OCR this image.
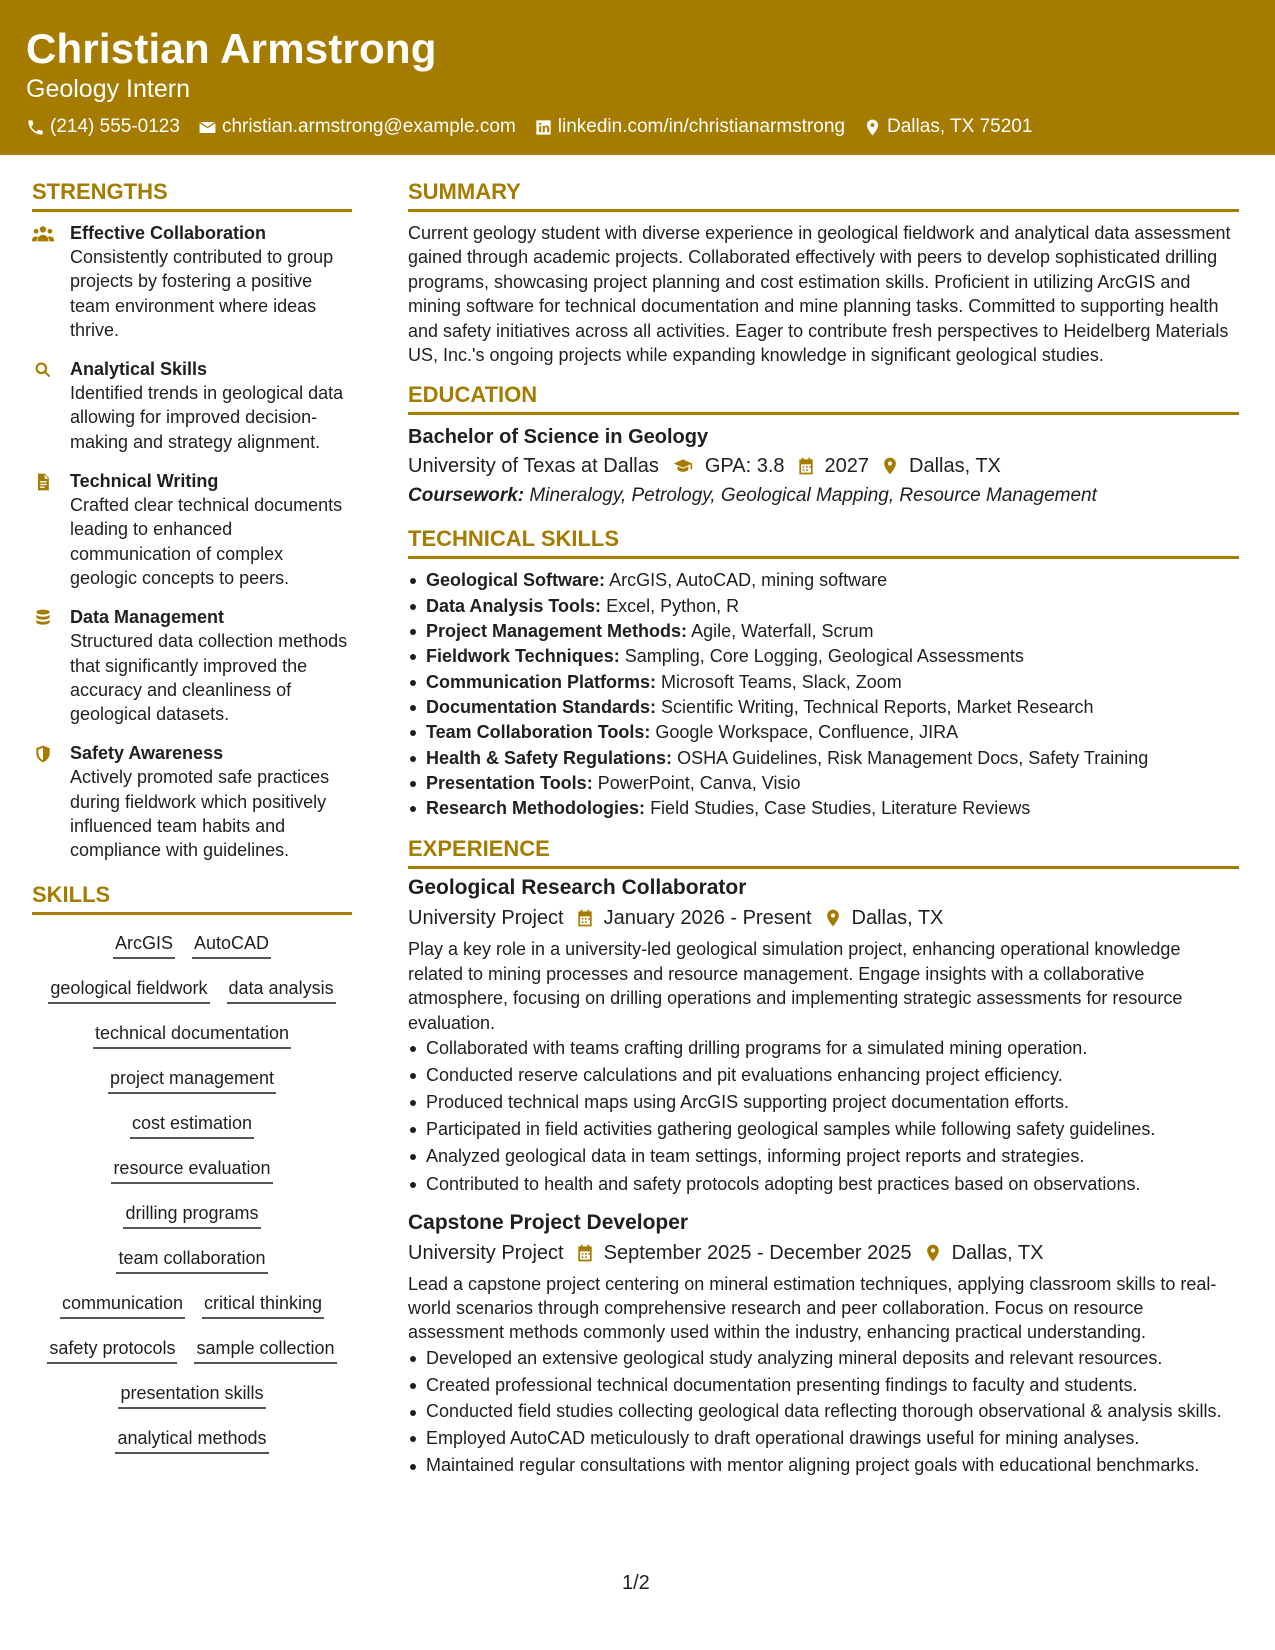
Christian Armstrong
Geology Intern
(214) 555-0123 christian.armstrong@example.com linkedin.com/in/christianarmstrong Dallas, TX 75201
STRENGTHS
Effective Collaboration
Consistently contributed to group projects by fostering a positive team environment where ideas thrive.
Analytical Skills
Identified trends in geological data allowing for improved decision-making and strategy alignment.
Technical Writing
Crafted clear technical documents leading to enhanced communication of complex geologic concepts to peers.
Data Management
Structured data collection methods that significantly improved the accuracy and cleanliness of geological datasets.
Safety Awareness
Actively promoted safe practices during fieldwork which positively influenced team habits and compliance with guidelines.
SKILLS
ArcGIS AutoCAD
geological fieldwork data analysis
technical documentation
project management
cost estimation
resource evaluation
drilling programs
team collaboration
communication critical thinking
safety protocols sample collection
presentation skills
analytical methods
SUMMARY
Current geology student with diverse experience in geological fieldwork and analytical data assessment gained through academic projects. Collaborated effectively with peers to develop sophisticated drilling programs, showcasing project planning and cost estimation skills. Proficient in utilizing ArcGIS and mining software for technical documentation and mine planning tasks. Committed to supporting health and safety initiatives across all activities. Eager to contribute fresh perspectives to Heidelberg Materials US, Inc.'s ongoing projects while expanding knowledge in significant geological studies.
EDUCATION
Bachelor of Science in Geology
University of Texas at Dallas GPA: 3.8 2027 Dallas, TX
Coursework: Mineralogy, Petrology, Geological Mapping, Resource Management
TECHNICAL SKILLS
Geological Software: ArcGIS, AutoCAD, mining software
Data Analysis Tools: Excel, Python, R
Project Management Methods: Agile, Waterfall, Scrum
Fieldwork Techniques: Sampling, Core Logging, Geological Assessments
Communication Platforms: Microsoft Teams, Slack, Zoom
Documentation Standards: Scientific Writing, Technical Reports, Market Research
Team Collaboration Tools: Google Workspace, Confluence, JIRA
Health & Safety Regulations: OSHA Guidelines, Risk Management Docs, Safety Training
Presentation Tools: PowerPoint, Canva, Visio
Research Methodologies: Field Studies, Case Studies, Literature Reviews
EXPERIENCE
Geological Research Collaborator
University Project January 2026 - Present Dallas, TX
Play a key role in a university-led geological simulation project, enhancing operational knowledge related to mining processes and resource management. Engage insights with a collaborative atmosphere, focusing on drilling operations and implementing strategic assessments for resource evaluation.
Collaborated with teams crafting drilling programs for a simulated mining operation.
Conducted reserve calculations and pit evaluations enhancing project efficiency.
Produced technical maps using ArcGIS supporting project documentation efforts.
Participated in field activities gathering geological samples while following safety guidelines.
Analyzed geological data in team settings, informing project reports and strategies.
Contributed to health and safety protocols adopting best practices based on observations.
Capstone Project Developer
University Project September 2025 - December 2025 Dallas, TX
Lead a capstone project centering on mineral estimation techniques, applying classroom skills to real-world scenarios through comprehensive research and peer collaboration. Focus on resource assessment methods commonly used within the industry, enhancing practical understanding.
Developed an extensive geological study analyzing mineral deposits and relevant resources.
Created professional technical documentation presenting findings to faculty and students.
Conducted field studies collecting geological data reflecting thorough observational & analysis skills.
Employed AutoCAD meticulously to draft operational drawings useful for mining analyses.
Maintained regular consultations with mentor aligning project goals with educational benchmarks.
1/2
